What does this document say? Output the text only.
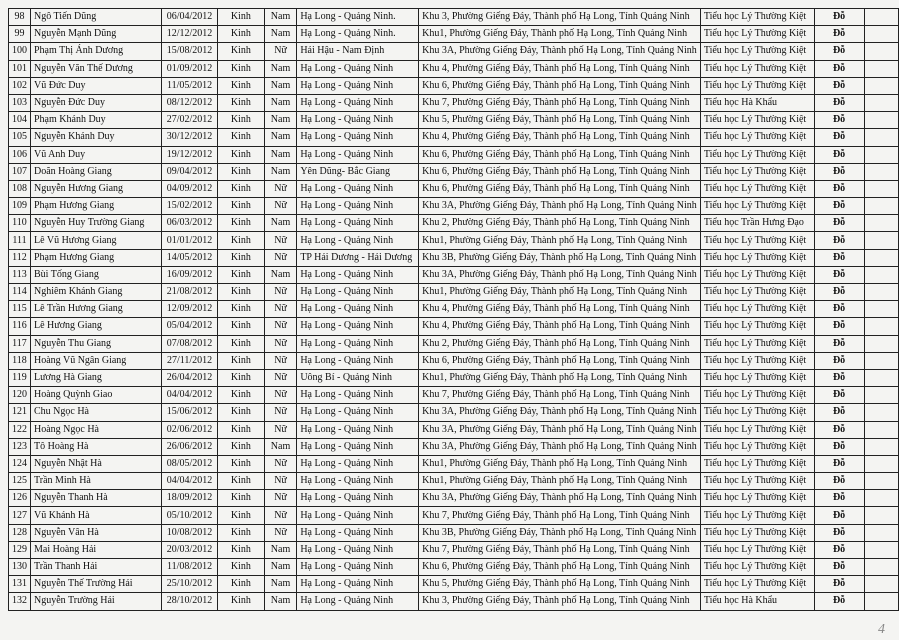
98	Ngô Tiến Dũng	06/04/2012	Kinh	Nam	Hạ Long - Quảng Ninh.	Khu 3, Phường Giếng Đáy, Thành phố Hạ Long, Tỉnh Quảng Ninh	Tiểu học Lý Thường Kiệt	Đỗ	
99	Nguyễn Mạnh Dũng	12/12/2012	Kinh	Nam	Hạ Long - Quảng Ninh.	Khu1, Phường Giếng Đáy, Thành phố Hạ Long, Tỉnh Quảng Ninh	Tiểu học Lý Thường Kiệt	Đỗ	
100	Phạm Thị Ánh Dương	15/08/2012	Kinh	Nữ	Hải Hậu - Nam Định	Khu 3A, Phường Giếng Đáy, Thành phố Hạ Long, Tỉnh Quảng Ninh	Tiểu học Lý Thường Kiệt	Đỗ	
101	Nguyễn Văn Thế Dương	01/09/2012	Kinh	Nam	Hạ Long - Quảng Ninh	Khu 4, Phường Giếng Đáy, Thành phố Hạ Long, Tỉnh Quảng Ninh	Tiểu học Lý Thường Kiệt	Đỗ	
102	Vũ Đức Duy	11/05/2012	Kinh	Nam	Hạ Long - Quảng Ninh	Khu 6, Phường Giếng Đáy, Thành phố Hạ Long, Tỉnh Quảng Ninh	Tiểu học Lý Thường Kiệt	Đỗ	
103	Nguyễn Đức Duy	08/12/2012	Kinh	Nam	Hạ Long - Quảng Ninh	Khu 7, Phường Giếng Đáy, Thành phố Hạ Long, Tỉnh Quảng Ninh	Tiểu học Hà Khẩu	Đỗ	
104	Phạm Khánh Duy	27/02/2012	Kinh	Nam	Hạ Long - Quảng Ninh	Khu 5, Phường Giếng Đáy, Thành phố Hạ Long, Tỉnh Quảng Ninh	Tiểu học Lý Thường Kiệt	Đỗ	
105	Nguyễn Khánh Duy	30/12/2012	Kinh	Nam	Hạ Long - Quảng Ninh	Khu 4, Phường Giếng Đáy, Thành phố Hạ Long, Tỉnh Quảng Ninh	Tiểu học Lý Thường Kiệt	Đỗ	
106	Vũ Anh Duy	19/12/2012	Kinh	Nam	Hạ Long - Quảng Ninh	Khu 6, Phường Giếng Đáy, Thành phố Hạ Long, Tỉnh Quảng Ninh	Tiểu học Lý Thường Kiệt	Đỗ	
107	Doãn Hoàng Giang	09/04/2012	Kinh	Nam	Yên Dũng- Bắc Giang	Khu 6, Phường Giếng Đáy, Thành phố Hạ Long, Tỉnh Quảng Ninh	Tiểu học Lý Thường Kiệt	Đỗ	
108	Nguyễn Hương Giang	04/09/2012	Kinh	Nữ	Hạ Long - Quảng Ninh	Khu 6, Phường Giếng Đáy, Thành phố Hạ Long, Tỉnh Quảng Ninh	Tiểu học Lý Thường Kiệt	Đỗ	
109	Phạm Hương Giang	15/02/2012	Kinh	Nữ	Hạ Long - Quảng Ninh	Khu 3A, Phường Giếng Đáy, Thành phố Hạ Long, Tỉnh Quảng Ninh	Tiểu học Lý Thường Kiệt	Đỗ	
110	Nguyễn Huy Trường Giang	06/03/2012	Kinh	Nam	Hạ Long - Quảng Ninh	Khu 2, Phường Giếng Đáy, Thành phố Hạ Long, Tỉnh Quảng Ninh	Tiểu học Trần Hưng Đạo	Đỗ	
111	Lê Vũ Hương Giang	01/01/2012	Kinh	Nữ	Hạ Long - Quảng Ninh	Khu1, Phường Giếng Đáy, Thành phố Hạ Long, Tỉnh Quảng Ninh	Tiểu học Lý Thường Kiệt	Đỗ	
112	Phạm Hương Giang	14/05/2012	Kinh	Nữ	TP Hải Dương - Hải Dương	Khu 3B, Phường Giếng Đáy, Thành phố Hạ Long, Tỉnh Quảng Ninh	Tiểu học Lý Thường Kiệt	Đỗ	
113	Bùi Tống Giang	16/09/2012	Kinh	Nam	Hạ Long - Quảng Ninh	Khu 3A, Phường Giếng Đáy, Thành phố Hạ Long, Tỉnh Quảng Ninh	Tiểu học Lý Thường Kiệt	Đỗ	
114	Nghiêm Khánh Giang	21/08/2012	Kinh	Nữ	Hạ Long - Quảng Ninh	Khu1, Phường Giếng Đáy, Thành phố Hạ Long, Tỉnh Quảng Ninh	Tiểu học Lý Thường Kiệt	Đỗ	
115	Lê Trần Hương Giang	12/09/2012	Kinh	Nữ	Hạ Long - Quảng Ninh	Khu 4, Phường Giếng Đáy, Thành phố Hạ Long, Tỉnh Quảng Ninh	Tiểu học Lý Thường Kiệt	Đỗ	
116	Lê Hương Giang	05/04/2012	Kinh	Nữ	Hạ Long - Quảng Ninh	Khu 4, Phường Giếng Đáy, Thành phố Hạ Long, Tỉnh Quảng Ninh	Tiểu học Lý Thường Kiệt	Đỗ	
117	Nguyễn Thu Giang	07/08/2012	Kinh	Nữ	Hạ Long - Quảng Ninh	Khu 2, Phường Giếng Đáy, Thành phố Hạ Long, Tỉnh Quảng Ninh	Tiểu học Lý Thường Kiệt	Đỗ	
118	Hoàng Vũ Ngân Giang	27/11/2012	Kinh	Nữ	Hạ Long - Quảng Ninh	Khu 6, Phường Giếng Đáy, Thành phố Hạ Long, Tỉnh Quảng Ninh	Tiểu học Lý Thường Kiệt	Đỗ	
119	Lương Hà Giang	26/04/2012	Kinh	Nữ	Uông Bí - Quảng Ninh	Khu1, Phường Giếng Đáy, Thành phố Hạ Long, Tỉnh Quảng Ninh	Tiểu học Lý Thường Kiệt	Đỗ	
120	Hoàng Quỳnh Giao	04/04/2012	Kinh	Nữ	Hạ Long - Quảng Ninh	Khu 7, Phường Giếng Đáy, Thành phố Hạ Long, Tỉnh Quảng Ninh	Tiểu học Lý Thường Kiệt	Đỗ	
121	Chu Ngọc Hà	15/06/2012	Kinh	Nữ	Hạ Long - Quảng Ninh	Khu 3A, Phường Giếng Đáy, Thành phố Hạ Long, Tỉnh Quảng Ninh	Tiểu học Lý Thường Kiệt	Đỗ	
122	Hoàng Ngọc Hà	02/06/2012	Kinh	Nữ	Hạ Long - Quảng Ninh	Khu 3A, Phường Giếng Đáy, Thành phố Hạ Long, Tỉnh Quảng Ninh	Tiểu học Lý Thường Kiệt	Đỗ	
123	Tô Hoàng Hà	26/06/2012	Kinh	Nam	Hạ Long - Quảng Ninh	Khu 3A, Phường Giếng Đáy, Thành phố Hạ Long, Tỉnh Quảng Ninh	Tiểu học Lý Thường Kiệt	Đỗ	
124	Nguyễn Nhật Hà	08/05/2012	Kinh	Nữ	Hạ Long - Quảng Ninh	Khu1, Phường Giếng Đáy, Thành phố Hạ Long, Tỉnh Quảng Ninh	Tiểu học Lý Thường Kiệt	Đỗ	
125	Trần Minh Hà	04/04/2012	Kinh	Nữ	Hạ Long - Quảng Ninh	Khu1, Phường Giếng Đáy, Thành phố Hạ Long, Tỉnh Quảng Ninh	Tiểu học Lý Thường Kiệt	Đỗ	
126	Nguyễn Thanh Hà	18/09/2012	Kinh	Nữ	Hạ Long - Quảng Ninh	Khu 3A, Phường Giếng Đáy, Thành phố Hạ Long, Tỉnh Quảng Ninh	Tiểu học Lý Thường Kiệt	Đỗ	
127	Vũ Khánh Hà	05/10/2012	Kinh	Nữ	Hạ Long - Quảng Ninh	Khu 7, Phường Giếng Đáy, Thành phố Hạ Long, Tỉnh Quảng Ninh	Tiểu học Lý Thường Kiệt	Đỗ	
128	Nguyễn Vân Hà	10/08/2012	Kinh	Nữ	Hạ Long - Quảng Ninh	Khu 3B, Phường Giếng Đáy, Thành phố Hạ Long, Tỉnh Quảng Ninh	Tiểu học Lý Thường Kiệt	Đỗ	
129	Mai Hoàng Hải	20/03/2012	Kinh	Nam	Hạ Long - Quảng Ninh	Khu 7, Phường Giếng Đáy, Thành phố Hạ Long, Tỉnh Quảng Ninh	Tiểu học Lý Thường Kiệt	Đỗ	
130	Trần Thanh Hải	11/08/2012	Kinh	Nam	Hạ Long - Quảng Ninh	Khu 6, Phường Giếng Đáy, Thành phố Hạ Long, Tỉnh Quảng Ninh	Tiểu học Lý Thường Kiệt	Đỗ	
131	Nguyễn Thế Trường Hải	25/10/2012	Kinh	Nam	Hạ Long - Quảng Ninh	Khu 5, Phường Giếng Đáy, Thành phố Hạ Long, Tỉnh Quảng Ninh	Tiểu học Lý Thường Kiệt	Đỗ	
132	Nguyễn Trường Hải	28/10/2012	Kinh	Nam	Hạ Long - Quảng Ninh	Khu 3, Phường Giếng Đáy, Thành phố Hạ Long, Tỉnh Quảng Ninh	Tiểu học Hà Khẩu	Đỗ	
4
